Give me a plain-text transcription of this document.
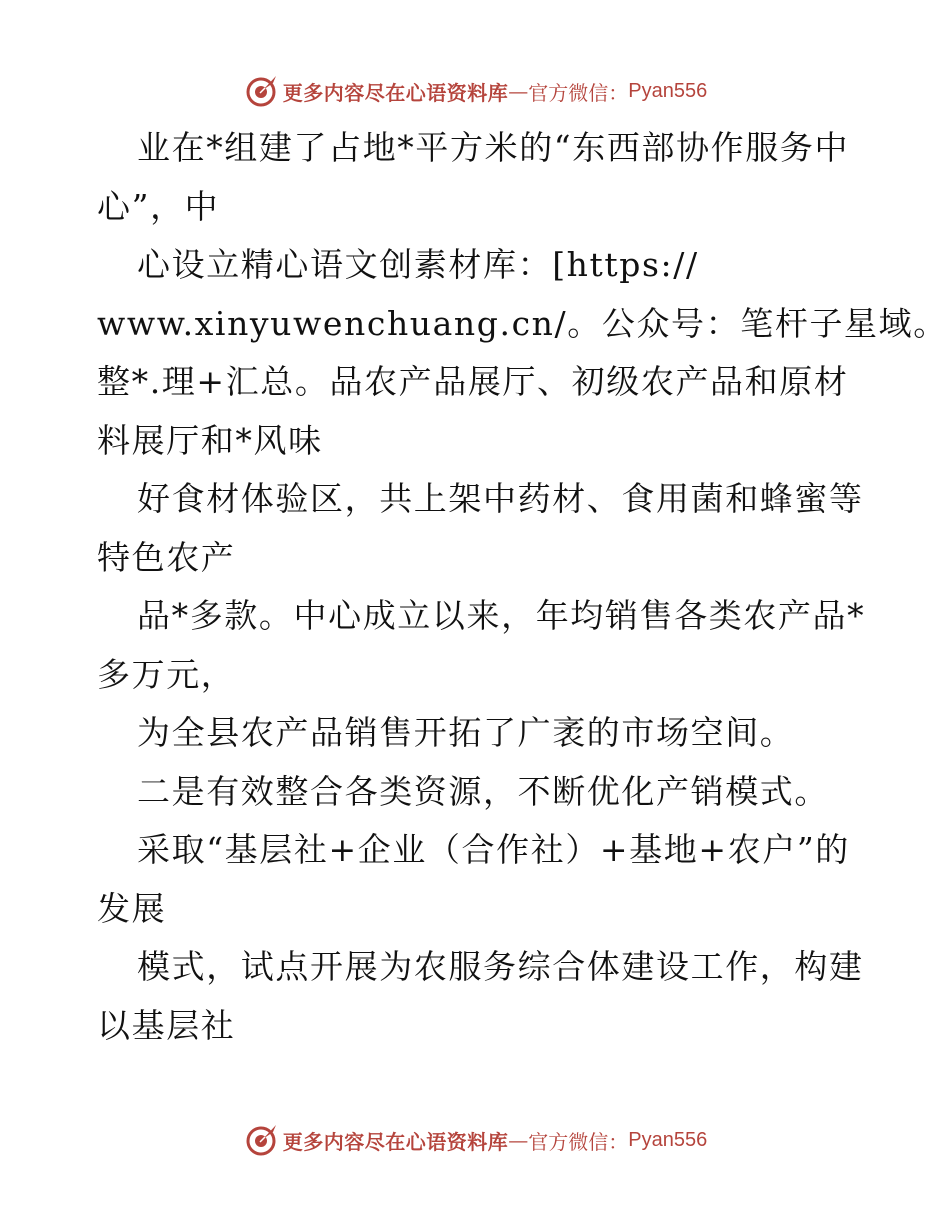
更多内容尽在心语资料库 — 官方微信： Pyan556
业在*组建了占地*平方米的“东西部协作服务中
心”，中
心设立精心语文创素材库：[https://
www.xinyuwenchuang.cn/。公众号：笔杆子星域。
整*.理+汇总。品农产品展厅、初级农产品和原材
料展厅和*风味
好食材体验区，共上架中药材、食用菌和蜂蜜等
特色农产
品*多款。中心成立以来，年均销售各类农产品*
多万元，
为全县农产品销售开拓了广袤的市场空间。
二是有效整合各类资源，不断优化产销模式。
采取“基层社+企业（合作社）+基地+农户”的
发展
模式，试点开展为农服务综合体建设工作，构建
以基层社
更多内容尽在心语资料库 — 官方微信： Pyan556
